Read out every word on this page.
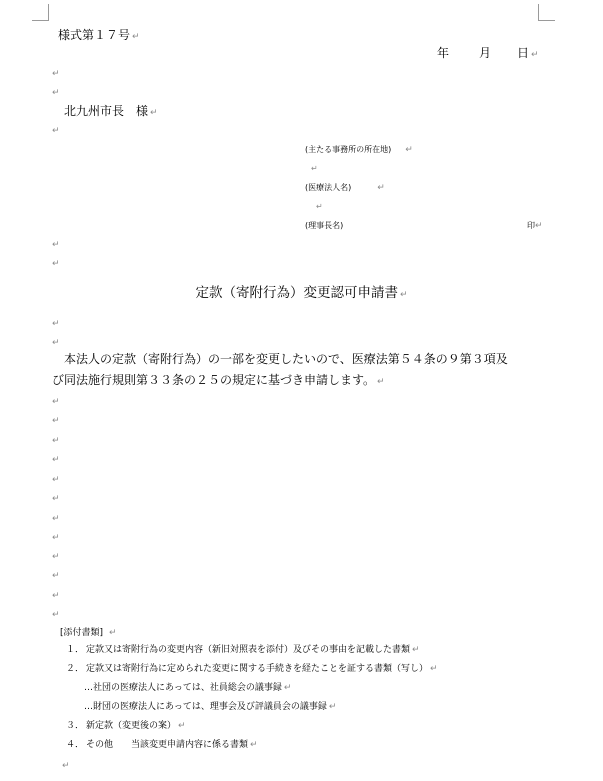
様式第１７号 ↵
年	月 日 ↵
↵
↵
北九州市長　様 ↵
↵
(主たる事務所の所在地) ↵
↵
(医療法人名)	↵
↵
(理事長名)	印↵
↵
↵
定款（寄附行為）変更認可申請書 ↵
↵
↵
本法人の定款（寄附行為）の一部を変更したいので、医療法第５４条の９第３項及
び同法施行規則第３３条の２５の規定に基づき申請します。 ↵
↵
↵
↵
↵
↵
↵
↵
↵
↵
↵
↵
↵
[添付書類] ↵
１． 定款又は寄附行為の変更内容（新旧対照表を添付）及びその事由を記載した書類 ↵
２． 定款又は寄附行為に定められた変更に関する手続きを経たことを証する書類（写し） ↵
…社団の医療法人にあっては、社員総会の議事録 ↵
…財団の医療法人にあっては、理事会及び評議員会の議事録 ↵
３． 新定款（変更後の案） ↵
４． その他　　当該変更申請内容に係る書類 ↵
↵
